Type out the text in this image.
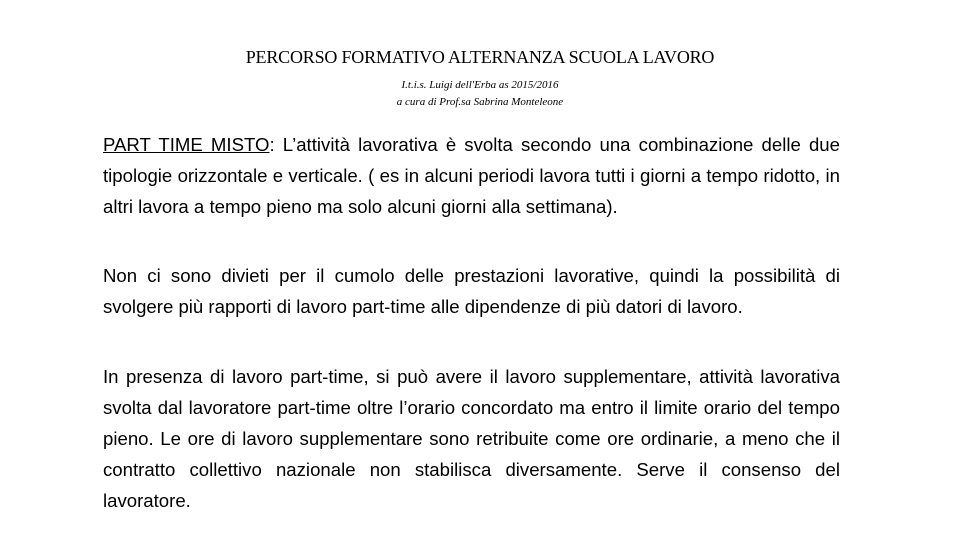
PERCORSO FORMATIVO ALTERNANZA SCUOLA LAVORO
I.t.i.s. Luigi dell'Erba as 2015/2016
a cura di Prof.sa Sabrina Monteleone

PART TIME MISTO: L’attività lavorativa è svolta secondo una combinazione delle due tipologie orizzontale e verticale. ( es in alcuni periodi lavora tutti i giorni a tempo ridotto, in altri lavora a tempo pieno ma solo alcuni giorni alla settimana).

Non ci sono divieti per il cumolo delle prestazioni lavorative, quindi la possibilità di svolgere più rapporti di lavoro part-time alle dipendenze di più datori di lavoro.

In presenza di lavoro part-time, si può avere il lavoro supplementare, attività lavorativa svolta dal lavoratore part-time oltre l’orario concordato ma entro il limite orario del tempo pieno. Le ore di lavoro supplementare sono retribuite come ore ordinarie, a meno che il contratto collettivo nazionale non stabilisca diversamente. Serve il consenso del lavoratore.
